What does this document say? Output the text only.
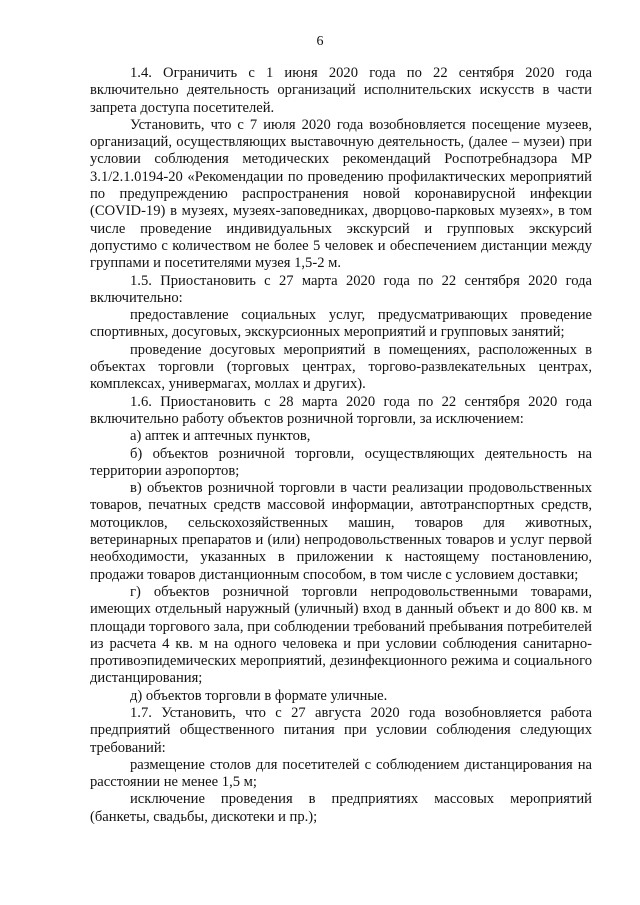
6

1.4. Ограничить с 1 июня 2020 года по 22 сентября 2020 года включительно деятельность организаций исполнительских искусств в части запрета доступа посетителей.

Установить, что с 7 июля 2020 года возобновляется посещение музеев, организаций, осуществляющих выставочную деятельность, (далее – музеи) при условии соблюдения методических рекомендаций Роспотребнадзора МР 3.1/2.1.0194-20 «Рекомендации по проведению профилактических мероприятий по предупреждению распространения новой коронавирусной инфекции (COVID-19) в музеях, музеях-заповедниках, дворцово-парковых музеях», в том числе проведение индивидуальных экскурсий и групповых экскурсий допустимо с количеством не более 5 человек и обеспечением дистанции между группами и посетителями музея 1,5-2 м.

1.5. Приостановить с 27 марта 2020 года по 22 сентября 2020 года включительно:

предоставление социальных услуг, предусматривающих проведение спортивных, досуговых, экскурсионных мероприятий и групповых занятий;

проведение досуговых мероприятий в помещениях, расположенных в объектах торговли (торговых центрах, торгово-развлекательных центрах, комплексах, универмагах, моллах и других).

1.6. Приостановить с 28 марта 2020 года по 22 сентября 2020 года включительно работу объектов розничной торговли, за исключением:

а) аптек и аптечных пунктов,

б) объектов розничной торговли, осуществляющих деятельность на территории аэропортов;

в) объектов розничной торговли в части реализации продовольственных товаров, печатных средств массовой информации, автотранспортных средств, мотоциклов, сельскохозяйственных машин, товаров для животных, ветеринарных препаратов и (или) непродовольственных товаров и услуг первой необходимости, указанных в приложении к настоящему постановлению, продажи товаров дистанционным способом, в том числе с условием доставки;

г) объектов розничной торговли непродовольственными товарами, имеющих отдельный наружный (уличный) вход в данный объект и до 800 кв. м площади торгового зала, при соблюдении требований пребывания потребителей из расчета 4 кв. м на одного человека и при условии соблюдения санитарно-противоэпидемических мероприятий, дезинфекционного режима и социального дистанцирования;

д) объектов торговли в формате уличные.

1.7. Установить, что с 27 августа 2020 года возобновляется работа предприятий общественного питания при условии соблюдения следующих требований:

размещение столов для посетителей с соблюдением дистанцирования на расстоянии не менее 1,5 м;

исключение проведения в предприятиях массовых мероприятий (банкеты, свадьбы, дискотеки и пр.);
